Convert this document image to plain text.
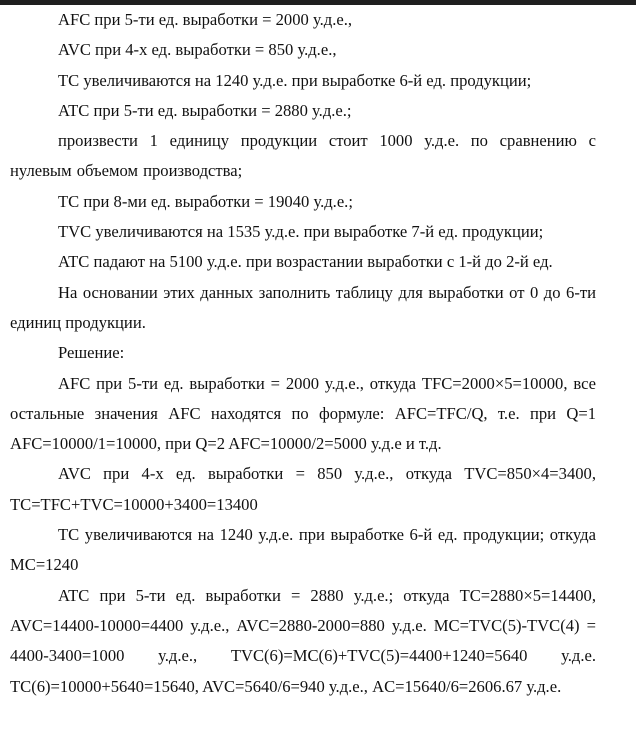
AFC при 5-ти ед. выработки = 2000 у.д.е.,

AVC при 4-х ед. выработки = 850 у.д.е.,

TC увеличиваются на 1240 у.д.е. при выработке 6-й ед. продукции;

ATC при 5-ти ед. выработки = 2880 у.д.е.;

произвести 1 единицу продукции стоит 1000 у.д.е. по сравнению с нулевым объемом производства;

TC при 8-ми ед. выработки = 19040 у.д.е.;

TVC увеличиваются на 1535 у.д.е. при выработке 7-й ед. продукции;

ATC падают на 5100 у.д.е. при возрастании выработки с 1-й до 2-й ед.

На основании этих данных заполнить таблицу для выработки от 0 до 6-ти единиц продукции.

Решение:

AFC при 5-ти ед. выработки = 2000 у.д.е., откуда TFC=2000×5=10000, все остальные значения AFC находятся по формуле: AFC=TFC/Q, т.е. при Q=1 AFC=10000/1=10000, при Q=2 AFC=10000/2=5000 у.д.е и т.д.

AVC при 4-х ед. выработки = 850 у.д.е., откуда TVC=850×4=3400, TC=TFC+TVC=10000+3400=13400

TC увеличиваются на 1240 у.д.е. при выработке 6-й ед. продукции; откуда MC=1240

ATC при 5-ти ед. выработки = 2880 у.д.е.; откуда TC=2880×5=14400, AVC=14400-10000=4400 у.д.е., AVC=2880-2000=880 у.д.е. MC=TVC(5)-TVC(4) = 4400-3400=1000 у.д.е., TVC(6)=MC(6)+TVC(5)=4400+1240=5640 у.д.е. TC(6)=10000+5640=15640, AVC=5640/6=940 у.д.е., AC=15640/6=2606.67 у.д.е.
